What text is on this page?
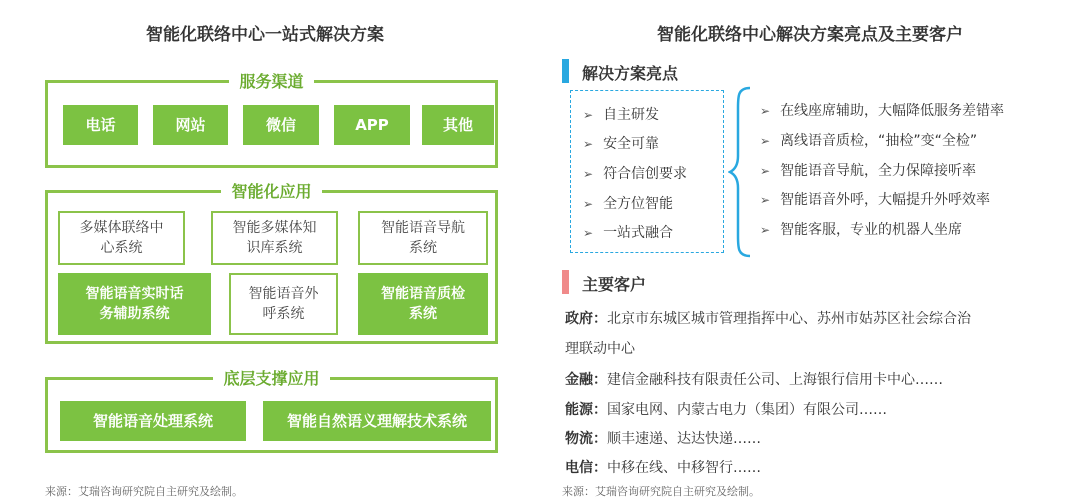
智能化联络中心一站式解决方案
服务渠道
电话	网站	微信	APP	其他
智能化应用
多媒体联络中
心系统
智能多媒体知
识库系统
智能语音导航
系统
智能语音实时话
务辅助系统
智能语音外
呼系统
智能语音质检
系统
底层支撑应用
智能语音处理系统	智能自然语义理解技术系统
来源：艾瑞咨询研究院自主研究及绘制。
智能化联络中心解决方案亮点及主要客户
解决方案亮点
➢ 自主研发
➢ 安全可靠
➢ 符合信创要求
➢ 全方位智能
➢ 一站式融合
➢ 在线座席辅助，大幅降低服务差错率
➢ 离线语音质检，“抽检”变“全检”
➢ 智能语音导航，全力保障接听率
➢ 智能语音外呼，大幅提升外呼效率
➢ 智能客服，专业的机器人坐席
主要客户
政府：北京市东城区城市管理指挥中心、苏州市姑苏区社会综合治
理联动中心
金融：建信金融科技有限责任公司、上海银行信用卡中心……
能源：国家电网、内蒙古电力（集团）有限公司……
物流：顺丰速递、达达快递……
电信：中移在线、中移智行……
来源：艾瑞咨询研究院自主研究及绘制。
